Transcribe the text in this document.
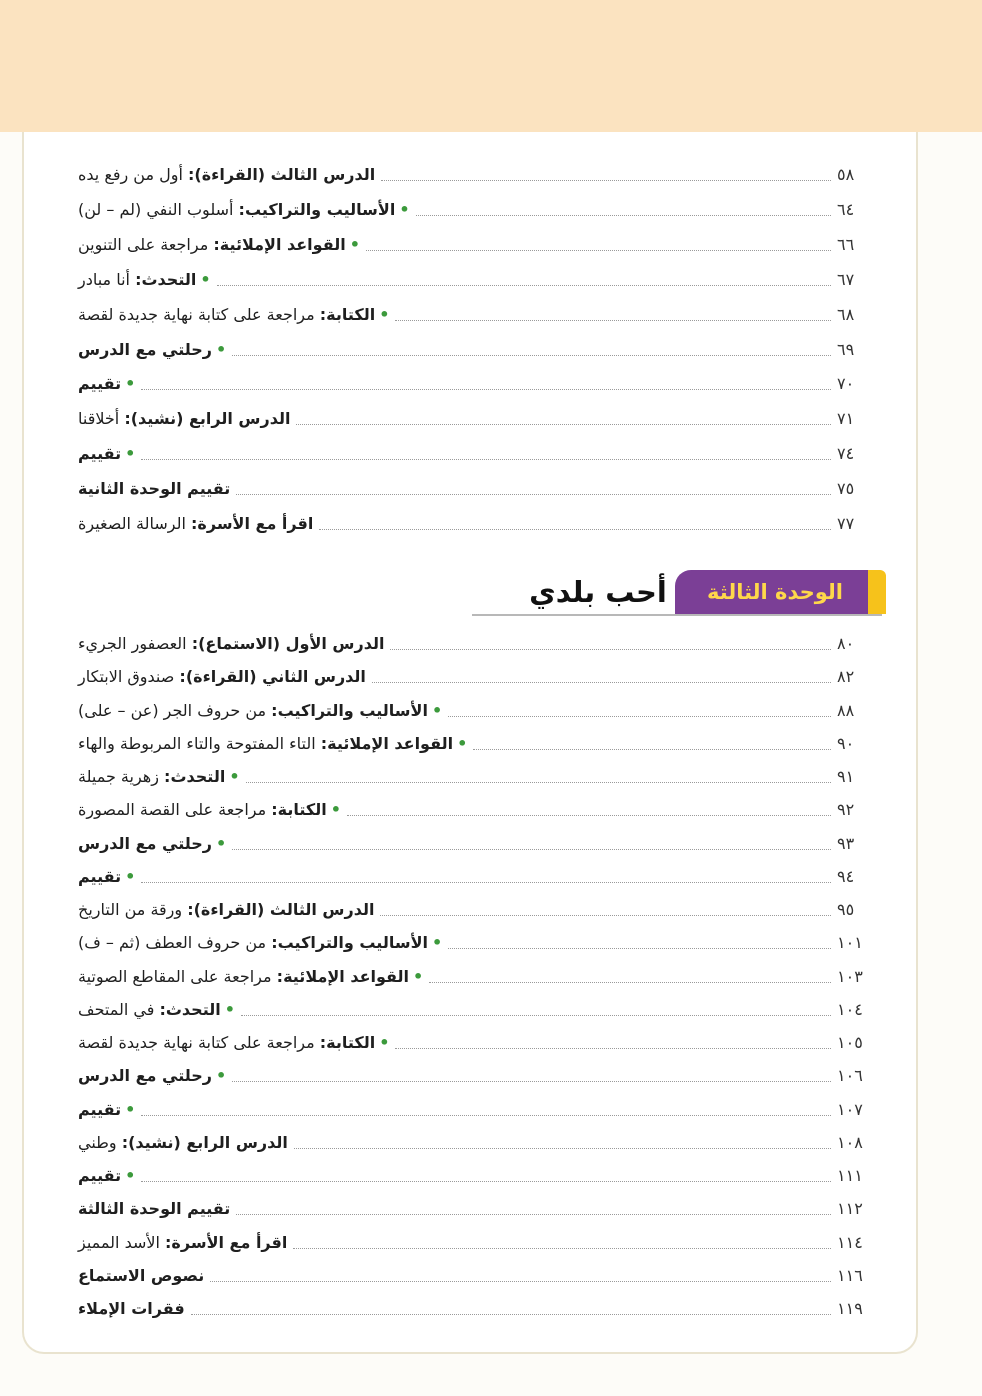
الدرس الثالث (القراءة): أول من رفع يده	٥٨
•الأساليب والتراكيب: أسلوب النفي (لم – لن)	٦٤
•القواعد الإملائية: مراجعة على التنوين	٦٦
•التحدث: أنا مبادر	٦٧
•الكتابة: مراجعة على كتابة نهاية جديدة لقصة	٦٨
•رحلتي مع الدرس	٦٩
•تقييم	٧٠
الدرس الرابع (نشيد): أخلاقنا	٧١
•تقييم	٧٤
تقييم الوحدة الثانية	٧٥
اقرأ مع الأسرة: الرسالة الصغيرة	٧٧
الوحدة الثالثة
أحب بلدي
الدرس الأول (الاستماع): العصفور الجريء	٨٠
الدرس الثاني (القراءة): صندوق الابتكار	٨٢
•الأساليب والتراكيب: من حروف الجر (عن – على)	٨٨
•القواعد الإملائية: التاء المفتوحة والتاء المربوطة والهاء	٩٠
•التحدث: زهرية جميلة	٩١
•الكتابة: مراجعة على القصة المصورة	٩٢
•رحلتي مع الدرس	٩٣
•تقييم	٩٤
الدرس الثالث (القراءة): ورقة من التاريخ	٩٥
•الأساليب والتراكيب: من حروف العطف (ثم – ف)	١٠١
•القواعد الإملائية: مراجعة على المقاطع الصوتية	١٠٣
•التحدث: في المتحف	١٠٤
•الكتابة: مراجعة على كتابة نهاية جديدة لقصة	١٠٥
•رحلتي مع الدرس	١٠٦
•تقييم	١٠٧
الدرس الرابع (نشيد): وطني	١٠٨
•تقييم	١١١
تقييم الوحدة الثالثة	١١٢
اقرأ مع الأسرة: الأسد المميز	١١٤
نصوص الاستماع	١١٦
فقرات الإملاء	١١٩
